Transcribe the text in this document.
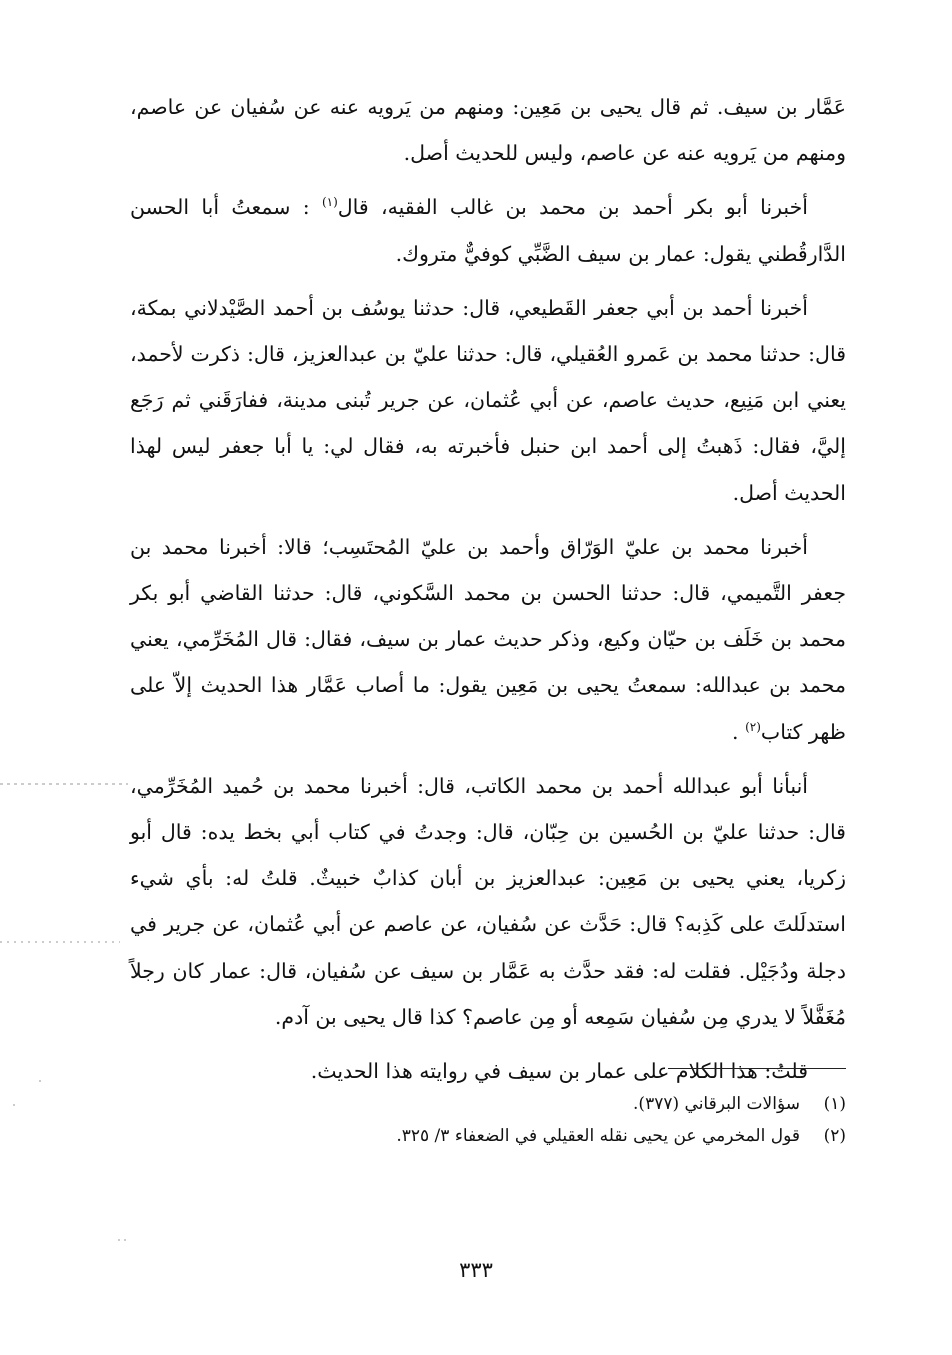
عَمَّار بن سيف. ثم قال يحيى بن مَعِين: ومنهم من يَرويه عنه عن سُفيان عن عاصم، ومنهم من يَرويه عنه عن عاصم، وليس للحديث أصل.

أخبرنا أبو بكر أحمد بن محمد بن غالب الفقيه، قال$^{(١)}$ : سمعتُ أبا الحسن الدَّارقُطني يقول: عمار بن سيف الضَّبِّي كوفيٌّ متروك.

أخبرنا أحمد بن أبي جعفر القَطيعي، قال: حدثنا يوسُف بن أحمد الصَّيْدلاني بمكة، قال: حدثنا محمد بن عَمرو العُقيلي، قال: حدثنا عليّ بن عبدالعزيز، قال: ذكرت لأحمد، يعني ابن مَنِيع، حديث عاصم، عن أبي عُثمان، عن جرير تُبنى مدينة، ففارَقَني ثم رَجَع إليَّ، فقال: ذَهبتُ إلى أحمد ابن حنبل فأخبرته به، فقال لي: يا أبا جعفر ليس لهذا الحديث أصل.

أخبرنا محمد بن عليّ الوَرّاق وأحمد بن عليّ المُحتَسِب؛ قالا: أخبرنا محمد بن جعفر التَّميمي، قال: حدثنا الحسن بن محمد السَّكوني، قال: حدثنا القاضي أبو بكر محمد بن خَلَف بن حيّان وكيع، وذكر حديث عمار بن سيف، فقال: قال المُخَرِّمي، يعني محمد بن عبدالله: سمعتُ يحيى بن مَعِين يقول: ما أصاب عَمَّار هذا الحديث إلاّ على ظهر كتاب$^{(٢)}$ .

أنبأنا أبو عبدالله أحمد بن محمد الكاتب، قال: أخبرنا محمد بن حُميد المُخَرِّمي، قال: حدثنا عليّ بن الحُسين بن حِبّان، قال: وجدتُ في كتاب أبي بخط يده: قال أبو زكريا، يعني يحيى بن مَعِين: عبدالعزيز بن أبان كذابٌ خبيثٌ. قلتُ له: بأي شيء استدلَلتَ على كَذِبه؟ قال: حَدَّث عن سُفيان، عن عاصم عن أبي عُثمان، عن جرير في دجلة ودُجَيْل. فقلت له: فقد حدَّث به عَمَّار بن سيف عن سُفيان، قال: عمار كان رجلاً مُغَفَّلاً لا يدري مِن سُفيان سَمِعه أو مِن عاصم؟ كذا قال يحيى بن آدم.

قلتُ: هذا الكلام على عمار بن سيف في روايته هذا الحديث.

(١)سؤالات البرقاني (٣٧٧).
(٢)قول المخرمي عن يحيى نقله العقيلي في الضعفاء ٣/ ٣٢٥.
٣٣٣
